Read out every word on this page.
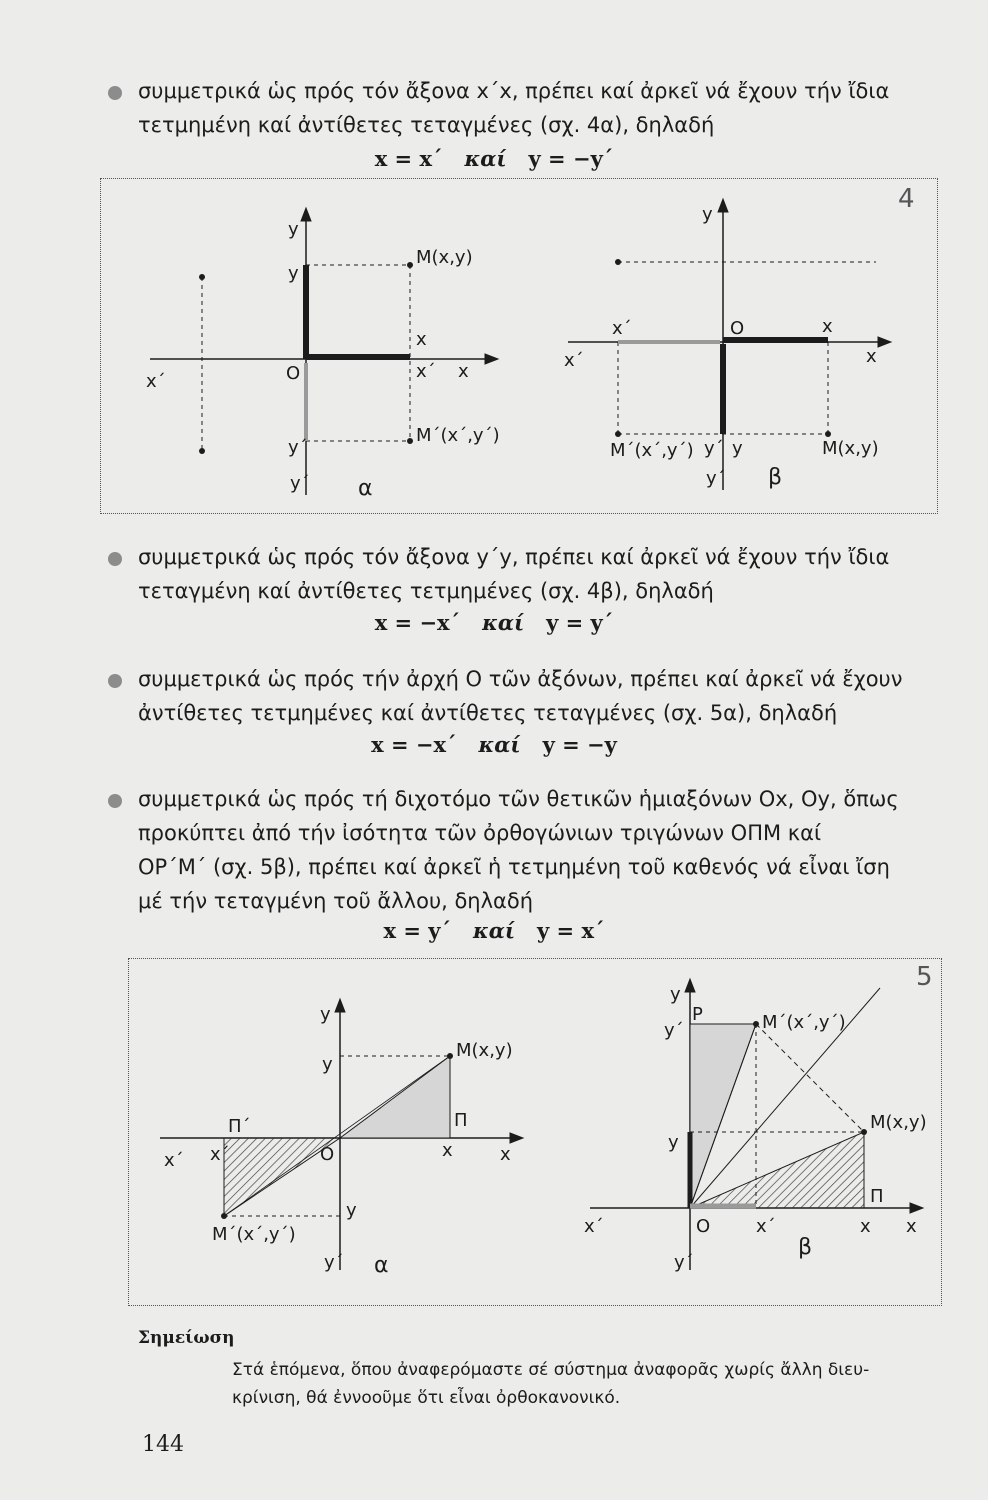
συμμετρικά ὡς πρός τόν ἄξονα x΄x, πρέπει καί ἀρκεῖ νά ἔχουν τήν ἴδια
τετμημένη καί ἀντίθετες τεταγμένες (σχ. 4α), δηλαδή
x = x΄ καί y = −y΄
4
y
y
M(x,y)
x΄	O
x
x΄ x
y΄
M΄(x΄,y΄)
y΄ α
y
x΄	O	x
x
x΄
M΄(x΄,y΄) y΄ y	M(x,y)
y΄ β
συμμετρικά ὡς πρός τόν ἄξονα y΄y, πρέπει καί ἀρκεῖ νά ἔχουν τήν ἴδια
τεταγμένη καί ἀντίθετες τετμημένες (σχ. 4β), δηλαδή
x = −x΄ καί y = y΄
συμμετρικά ὡς πρός τήν ἀρχή Ο τῶν ἀξόνων, πρέπει καί ἀρκεῖ νά ἔχουν
ἀντίθετες τετμημένες καί ἀντίθετες τεταγμένες (σχ. 5α), δηλαδή
x = −x΄ καί y = −y
συμμετρικά ὡς πρός τή διχοτόμο τῶν θετικῶν ἡμιαξόνων Οx, Οy, ὅπως
προκύπτει ἀπό τήν ἰσότητα τῶν ὀρθογώνιων τριγώνων ΟΠΜ καί
ΟΡ΄Μ΄ (σχ. 5β), πρέπει καί ἀρκεῖ ἡ τετμημένη τοῦ καθενός νά εἶναι ἴση
μέ τήν τεταγμένη τοῦ ἄλλου, δηλαδή
x = y΄ καί y = x΄
5
y
y
M(x,y)
Π΄
x΄ x΄	O	x
Π
x
y
M΄(x΄,y΄)
y΄ α
y
y΄
Ρ	M΄(x΄,y΄)
M(x,y)
y
Π
x΄	O	x΄	x x
y΄
β
Σημείωση
Στά ἑπόμενα, ὅπου ἀναφερόμαστε σέ σύστημα ἀναφορᾶς χωρίς ἄλλη διευ-
κρίνιση, θά ἐννοοῦμε ὅτι εἶναι ὀρθοκανονικό.
144
